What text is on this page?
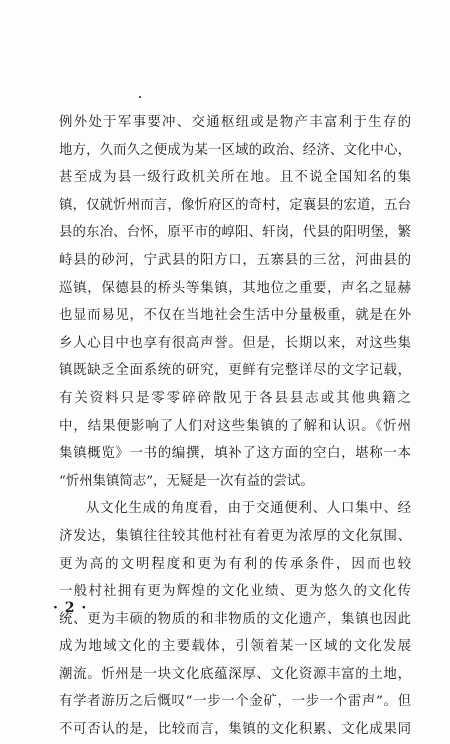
例外处于军事要冲、交通枢纽或是物产丰富利于生存的
地方，久而久之便成为某一区域的政治、经济、文化中心，
甚至成为县一级行政机关所在地。且不说全国知名的集
镇，仅就忻州而言，像忻府区的奇村，定襄县的宏道，五台
县的东冶、台怀，原平市的崞阳、轩岗，代县的阳明堡，繁
峙县的砂河，宁武县的阳方口，五寨县的三岔，河曲县的
巡镇，保德县的桥头等集镇，其地位之重要，声名之显赫
也显而易见，不仅在当地社会生活中分量极重，就是在外
乡人心目中也享有很高声誉。但是，长期以来，对这些集
镇既缺乏全面系统的研究，更鲜有完整详尽的文字记载，
有关资料只是零零碎碎散见于各县县志或其他典籍之
中，结果便影响了人们对这些集镇的了解和认识。《忻州
集镇概览》一书的编撰，填补了这方面的空白，堪称一本
“忻州集镇简志”，无疑是一次有益的尝试。
从文化生成的角度看，由于交通便利、人口集中、经
济发达，集镇往往较其他村社有着更为浓厚的文化氛围、
更为高的文明程度和更为有利的传承条件，因而也较
一般村社拥有更为辉煌的文化业绩、更为悠久的文化传
统、更为丰硕的物质的和非物质的文化遗产，集镇也因此
成为地域文化的主要载体，引领着某一区域的文化发展
潮流。忻州是一块文化底蕴深厚、文化资源丰富的土地，
有学者游历之后慨叹“一步一个金矿，一步一个雷声”。但
不可否认的是，比较而言，集镇的文化积累、文化成果同
· 2 ·
